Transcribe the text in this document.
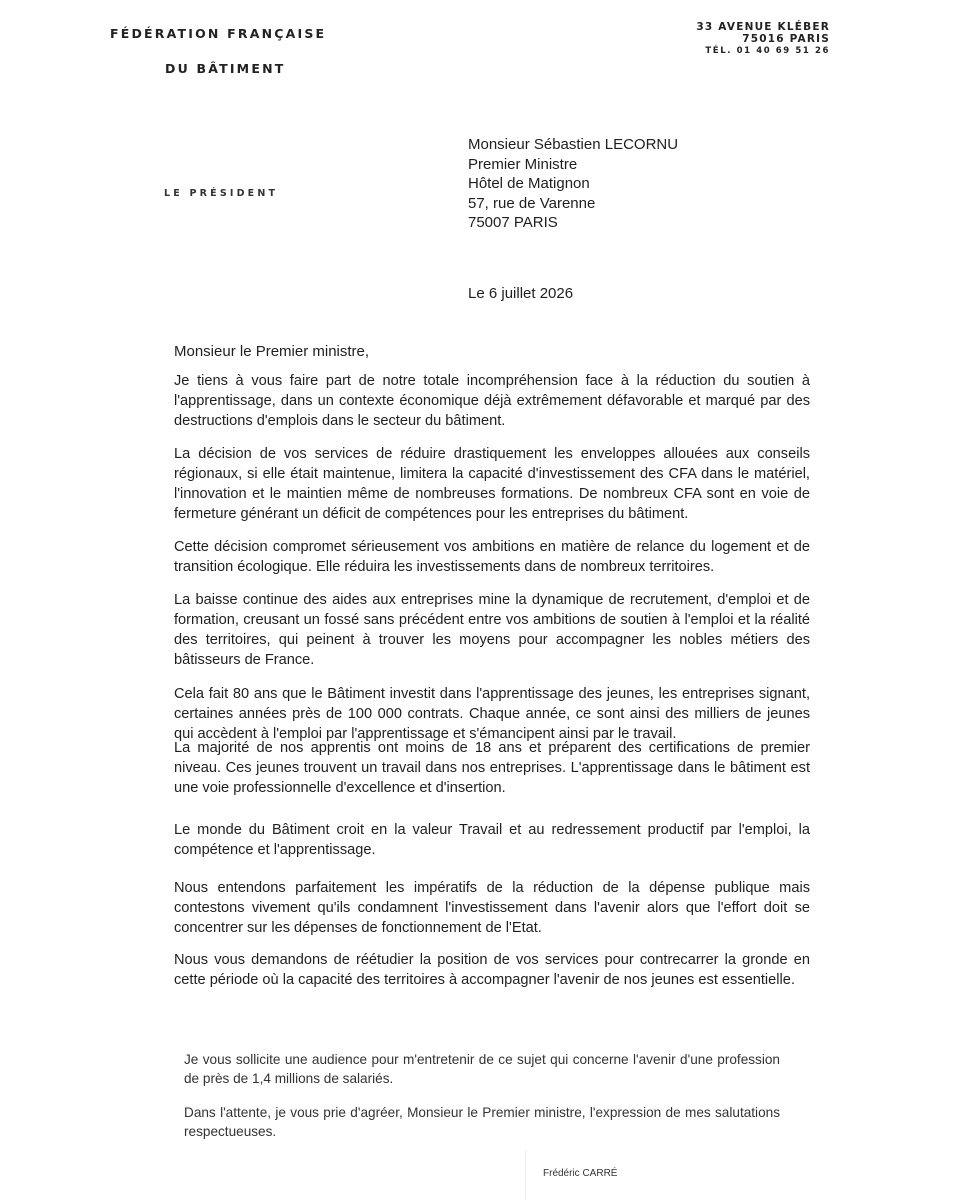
FÉDÉRATION FRANÇAISE
DU BÂTIMENT
33 AVENUE KLÉBER
75016 PARIS
TÉL. 01 40 69 51 26
LE PRÉSIDENT
Monsieur Sébastien LECORNU
Premier Ministre
Hôtel de Matignon
57, rue de Varenne
75007 PARIS
Le 6 juillet 2026
Monsieur le Premier ministre,

Je tiens à vous faire part de notre totale incompréhension face à la réduction du soutien à l'apprentissage, dans un contexte économique déjà extrêmement défavorable et marqué par des destructions d'emplois dans le secteur du bâtiment.

La décision de vos services de réduire drastiquement les enveloppes allouées aux conseils régionaux, si elle était maintenue, limitera la capacité d'investissement des CFA dans le matériel, l'innovation et le maintien même de nombreuses formations. De nombreux CFA sont en voie de fermeture générant un déficit de compétences pour les entreprises du bâtiment.

Cette décision compromet sérieusement vos ambitions en matière de relance du logement et de transition écologique. Elle réduira les investissements dans de nombreux territoires.

La baisse continue des aides aux entreprises mine la dynamique de recrutement, d'emploi et de formation, creusant un fossé sans précédent entre vos ambitions de soutien à l'emploi et la réalité des territoires, qui peinent à trouver les moyens pour accompagner les nobles métiers des bâtisseurs de France.

Cela fait 80 ans que le Bâtiment investit dans l'apprentissage des jeunes, les entreprises signant, certaines années près de 100 000 contrats. Chaque année, ce sont ainsi des milliers de jeunes qui accèdent à l'emploi par l'apprentissage et s'émancipent ainsi par le travail.

La majorité de nos apprentis ont moins de 18 ans et préparent des certifications de premier niveau. Ces jeunes trouvent un travail dans nos entreprises. L'apprentissage dans le bâtiment est une voie professionnelle d'excellence et d'insertion.

Le monde du Bâtiment croit en la valeur Travail et au redressement productif par l'emploi, la compétence et l'apprentissage.

Nous entendons parfaitement les impératifs de la réduction de la dépense publique mais contestons vivement qu'ils condamnent l'investissement dans l'avenir alors que l'effort doit se concentrer sur les dépenses de fonctionnement de l'Etat.

Nous vous demandons de réétudier la position de vos services pour contrecarrer la gronde en cette période où la capacité des territoires à accompagner l'avenir de nos jeunes est essentielle.

Je vous sollicite une audience pour m'entretenir de ce sujet qui concerne l'avenir d'une profession de près de 1,4 millions de salariés.

Dans l'attente, je vous prie d'agréer, Monsieur le Premier ministre, l'expression de mes salutations respectueuses.

Frédéric CARRÉ
